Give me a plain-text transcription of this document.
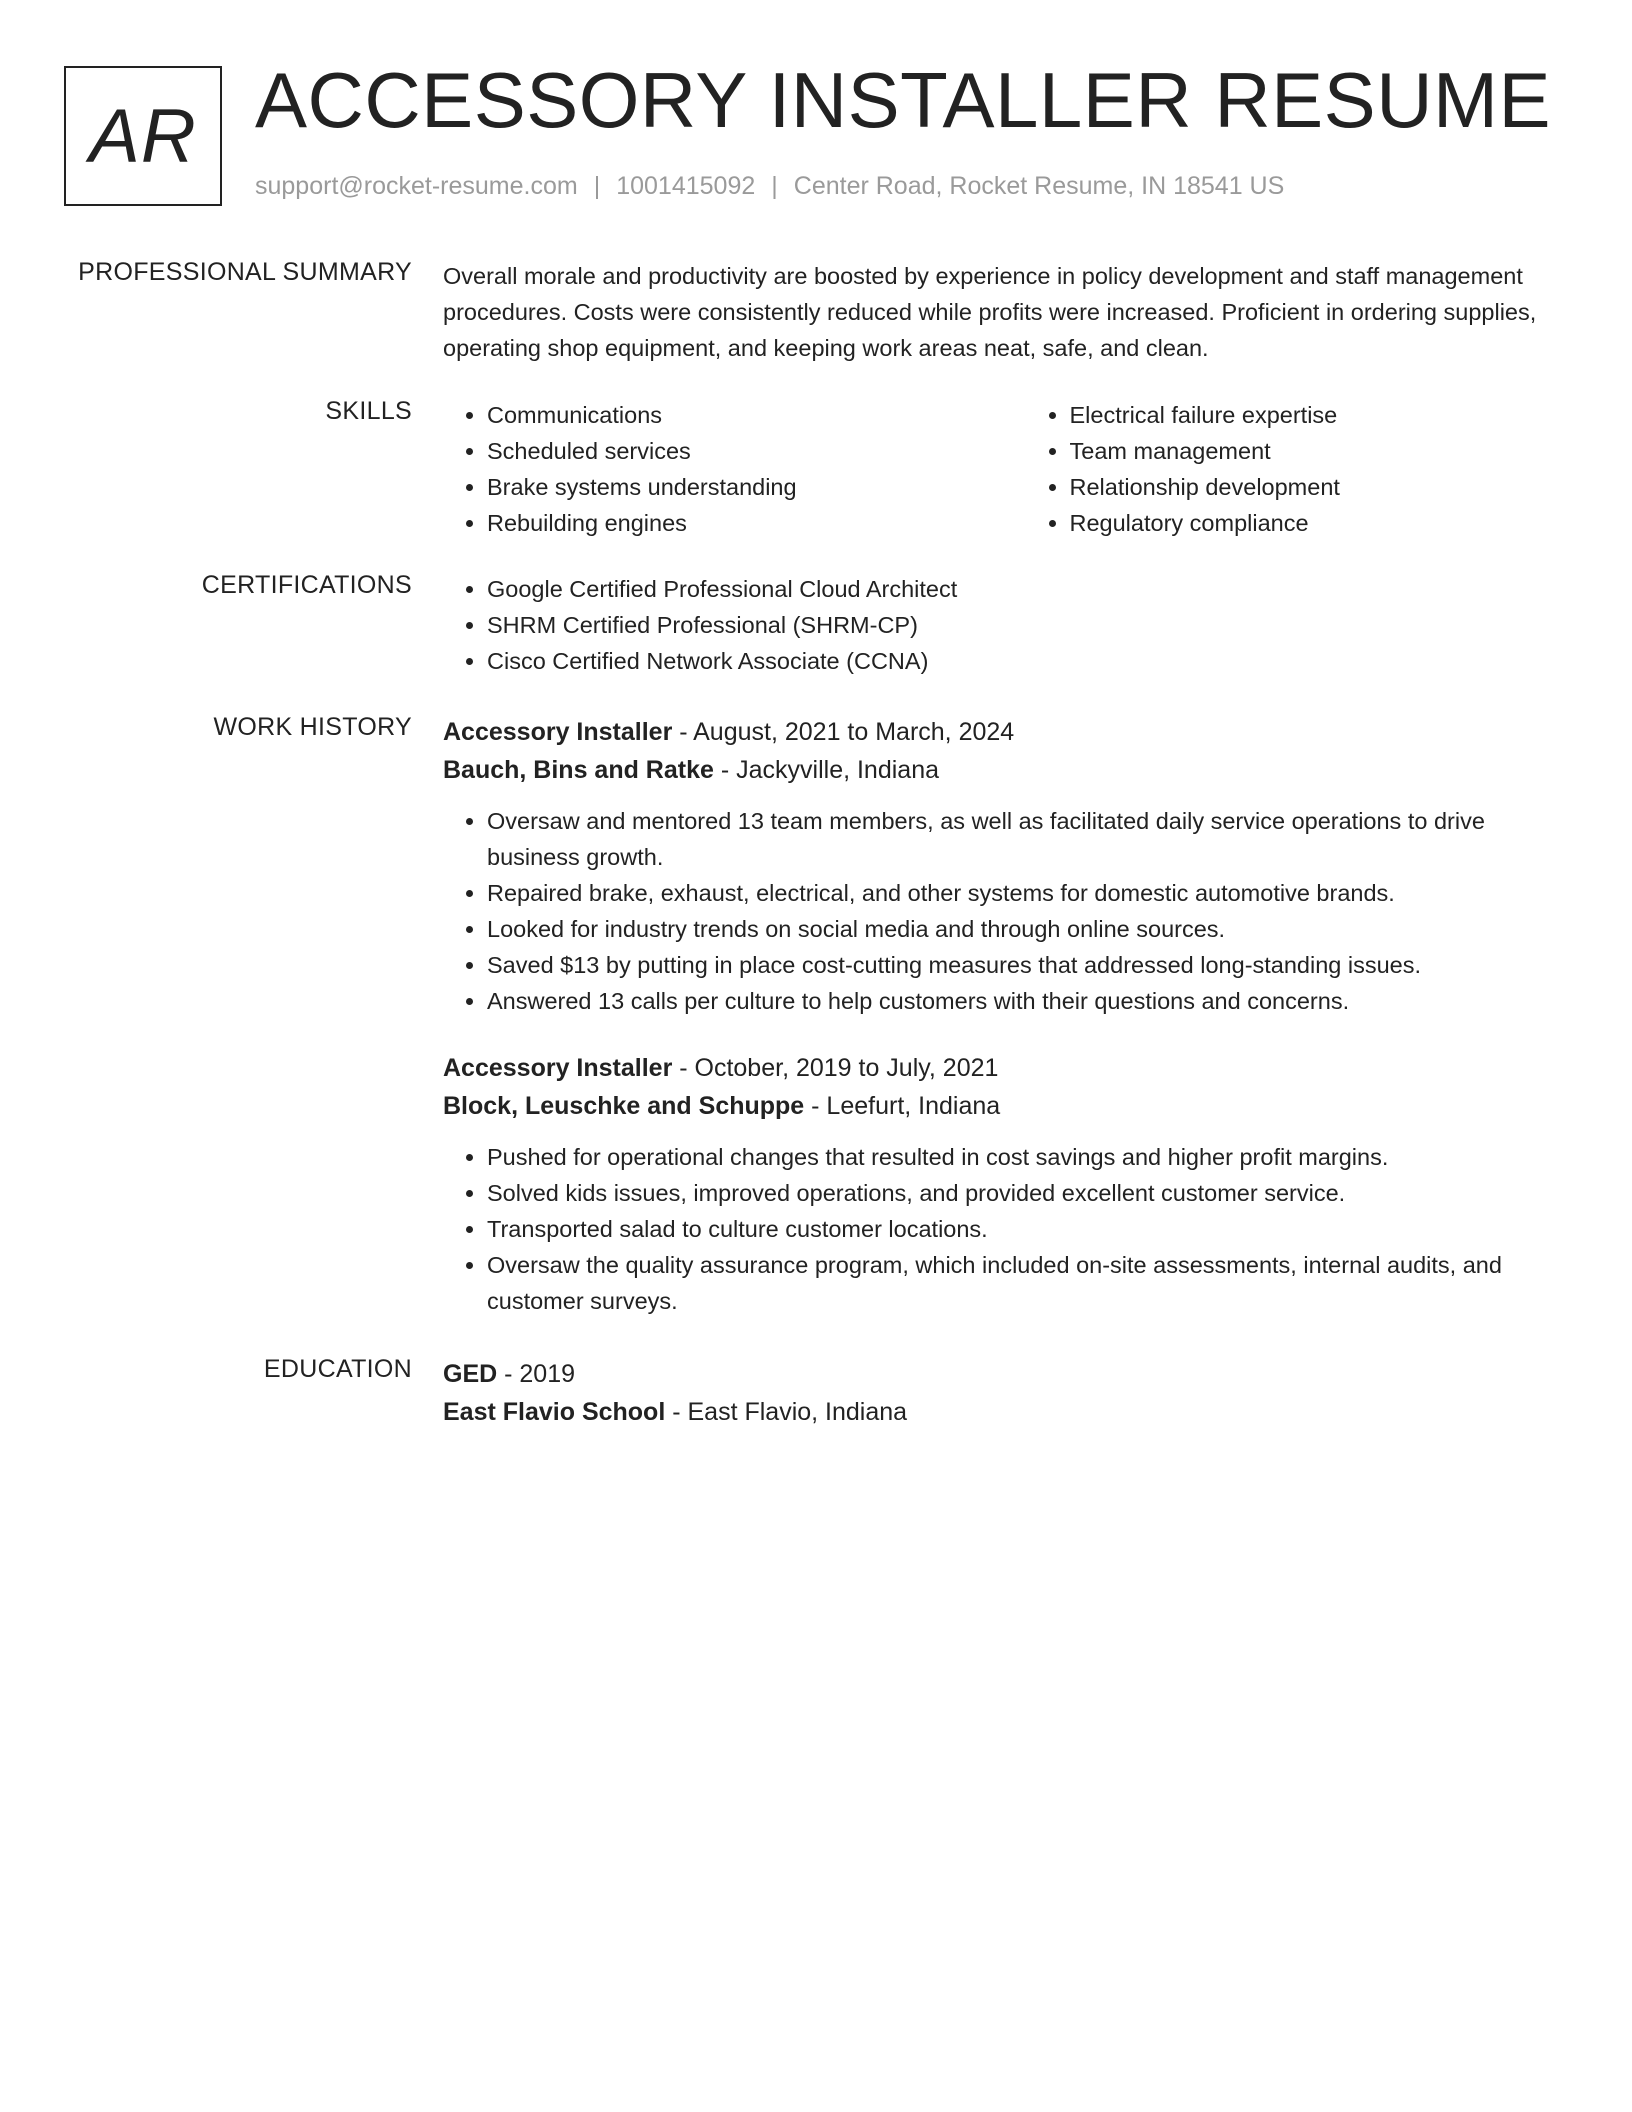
AR ACCESSORY INSTALLER RESUME
support@rocket-resume.com | 1001415092 | Center Road, Rocket Resume, IN 18541 US
PROFESSIONAL SUMMARY Overall morale and productivity are boosted by experience in policy development and staff management procedures. Costs were consistently reduced while profits were increased. Proficient in ordering supplies, operating shop equipment, and keeping work areas neat, safe, and clean.

SKILLS	• Communications
• Scheduled services
• Brake systems understanding
• Rebuilding engines
• Electrical failure expertise
• Team management
• Relationship development
• Regulatory compliance
CERTIFICATIONS	• Google Certified Professional Cloud Architect
• SHRM Certified Professional (SHRM-CP)
• Cisco Certified Network Associate (CCNA)
WORK HISTORY Accessory Installer - August, 2021 to March, 2024
Bauch, Bins and Ratke - Jackyville, Indiana
• Oversaw and mentored 13 team members, as well as facilitated daily service operations to drive business growth.
• Repaired brake, exhaust, electrical, and other systems for domestic automotive brands.
• Looked for industry trends on social media and through online sources.
• Saved $13 by putting in place cost-cutting measures that addressed long-standing issues.
• Answered 13 calls per culture to help customers with their questions and concerns.
Accessory Installer - October, 2019 to July, 2021
Block, Leuschke and Schuppe - Leefurt, Indiana
• Pushed for operational changes that resulted in cost savings and higher profit margins.
• Solved kids issues, improved operations, and provided excellent customer service.
• Transported salad to culture customer locations.
• Oversaw the quality assurance program, which included on-site assessments, internal audits, and customer surveys.
EDUCATION GED - 2019
East Flavio School - East Flavio, Indiana
